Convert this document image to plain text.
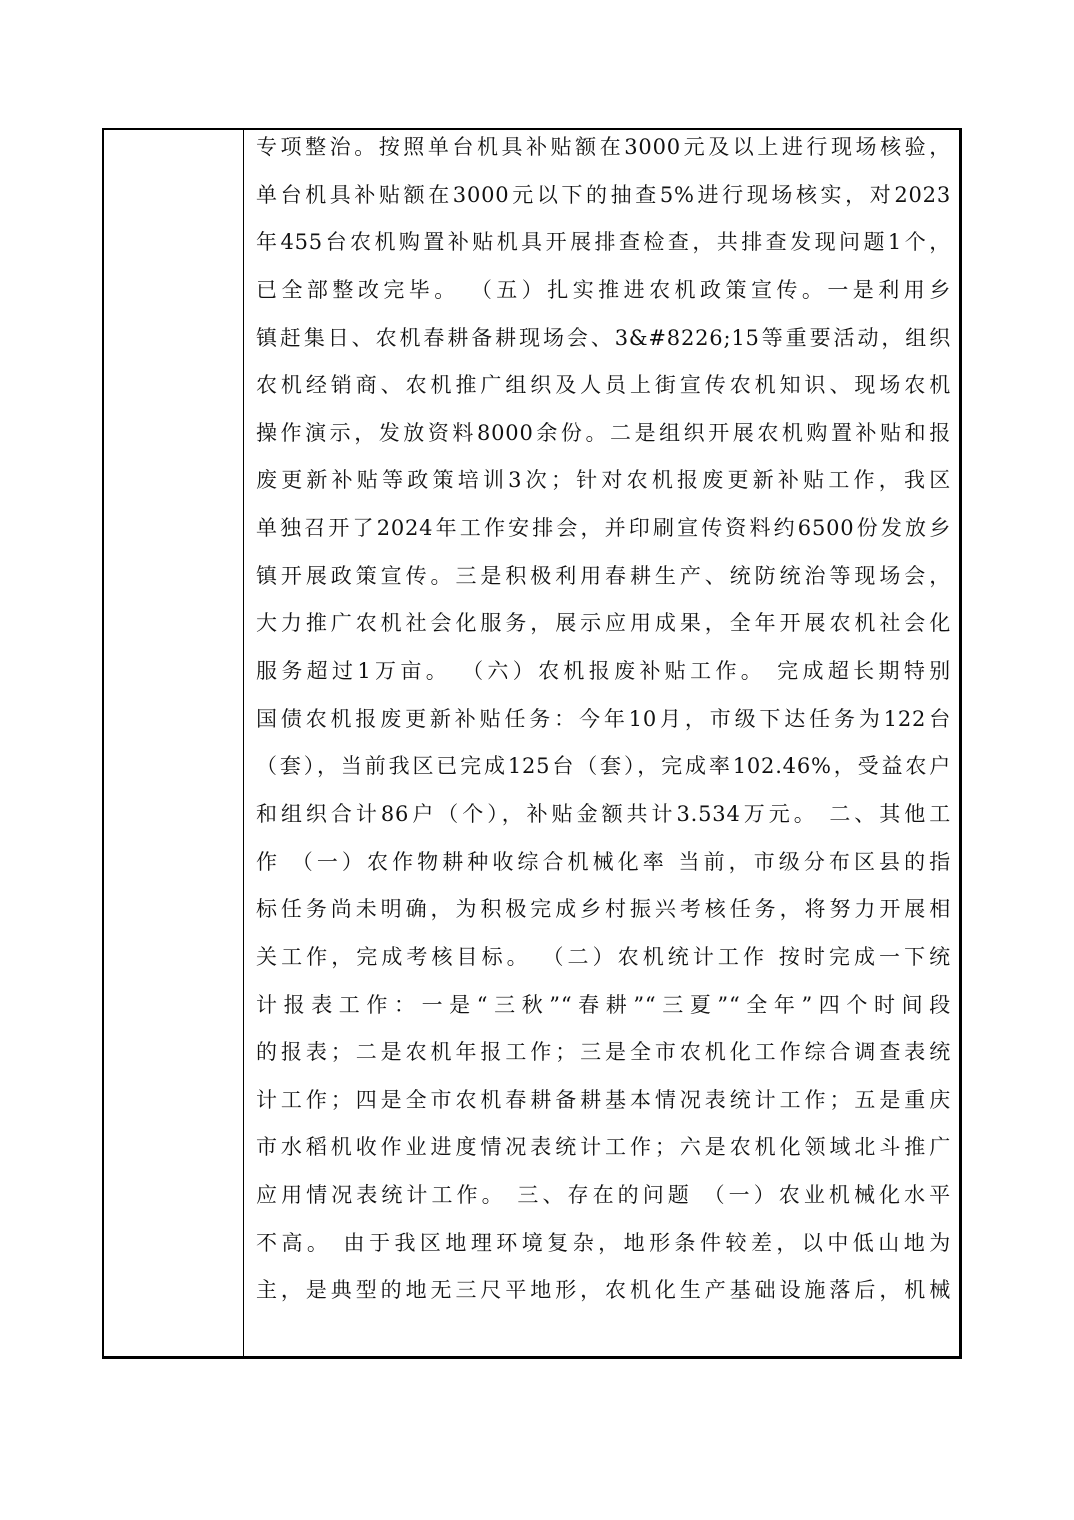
专项整治。按照单台机具补贴额在3000元及以上进行现场核验，
单台机具补贴额在3000元以下的抽查5%进行现场核实，对2023
年455台农机购置补贴机具开展排查检查，共排查发现问题1个，
已全部整改完毕。 （五）扎实推进农机政策宣传。一是利用乡
镇赶集日、农机春耕备耕现场会、3&#8226;15等重要活动，组织
农机经销商、农机推广组织及人员上街宣传农机知识、现场农机
操作演示，发放资料8000余份。二是组织开展农机购置补贴和报
废更新补贴等政策培训3次；针对农机报废更新补贴工作，我区
单独召开了2024年工作安排会，并印刷宣传资料约6500份发放乡
镇开展政策宣传。三是积极利用春耕生产、统防统治等现场会，
大力推广农机社会化服务，展示应用成果，全年开展农机社会化
服务超过1万亩。 （六）农机报废补贴工作。 完成超长期特别
国债农机报废更新补贴任务：今年10月，市级下达任务为122台
（套），当前我区已完成125台（套），完成率102.46%，受益农户
和组织合计86户（个），补贴金额共计3.534万元。 二、其他工
作 （一）农作物耕种收综合机械化率 当前，市级分布区县的指
标任务尚未明确，为积极完成乡村振兴考核任务，将努力开展相
关工作，完成考核目标。 （二）农机统计工作 按时完成一下统
计报表工作：一是“三秋”“春耕”“三夏”“全年”四个时间段
的报表；二是农机年报工作；三是全市农机化工作综合调查表统
计工作；四是全市农机春耕备耕基本情况表统计工作；五是重庆
市水稻机收作业进度情况表统计工作；六是农机化领域北斗推广
应用情况表统计工作。 三、存在的问题 （一）农业机械化水平
不高。 由于我区地理环境复杂，地形条件较差，以中低山地为
主，是典型的地无三尺平地形，农机化生产基础设施落后，机械
